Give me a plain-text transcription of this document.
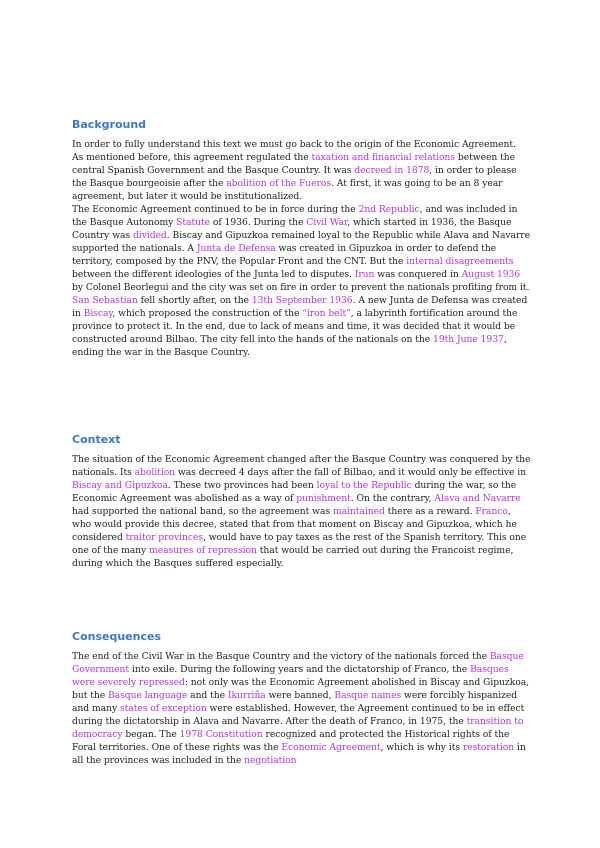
Background

In order to fully understand this text we must go back to the origin of the Economic Agreement.

As mentioned before, this agreement regulated the taxation and financial relations between the central Spanish Government and the Basque Country. It was decreed in 1878, in order to please the Basque bourgeoisie after the abolition of the Fueros. At first, it was going to be an 8 year agreement, but later it would be institutionalized.

The Economic Agreement continued to be in force during the 2nd Republic, and was included in the Basque Autonomy Statute of 1936. During the Civil War, which started in 1936, the Basque Country was divided. Biscay and Gipuzkoa remained loyal to the Republic while Alava and Navarre supported the nationals. A Junta de Defensa was created in Gipuzkoa in order to defend the territory, composed by the PNV, the Popular Front and the CNT. But the internal disagreements between the different ideologies of the Junta led to disputes. Irun was conquered in August 1936 by Colonel Beorlegui and the city was set on fire in order to prevent the nationals profiting from it. San Sebastian fell shortly after, on the 13th September 1936. A new Junta de Defensa was created in Biscay, which proposed the construction of the “iron belt”, a labyrinth fortification around the province to protect it. In the end, due to lack of means and time, it was decided that it would be constructed around Bilbao. The city fell into the hands of the nationals on the 19th June 1937, ending the war in the Basque Country.

Context

The situation of the Economic Agreement changed after the Basque Country was conquered by the nationals. Its abolition was decreed 4 days after the fall of Bilbao, and it would only be effective in Biscay and Gipuzkoa. These two provinces had been loyal to the Republic during the war, so the Economic Agreement was abolished as a way of punishment. On the contrary, Alava and Navarre had supported the national band, so the agreement was maintained there as a reward. Franco, who would provide this decree, stated that from that moment on Biscay and Gipuzkoa, which he considered traitor provinces, would have to pay taxes as the rest of the Spanish territory. This one one of the many measures of repression that would be carried out during the Francoist regime, during which the Basques suffered especially.

Consequences

The end of the Civil War in the Basque Country and the victory of the nationals forced the Basque Government into exile. During the following years and the dictatorship of Franco, the Basques were severely repressed: not only was the Economic Agreement abolished in Biscay and Gipuzkoa, but the Basque language and the Ikurriña were banned, Basque names were forcibly hispanized and many states of exception were established. However, the Agreement continued to be in effect during the dictatorship in Alava and Navarre. After the death of Franco, in 1975, the transition to democracy began. The 1978 Constitution recognized and protected the Historical rights of the Foral territories. One of these rights was the Economic Agreement, which is why its restoration in all the provinces was included in the negotiation
